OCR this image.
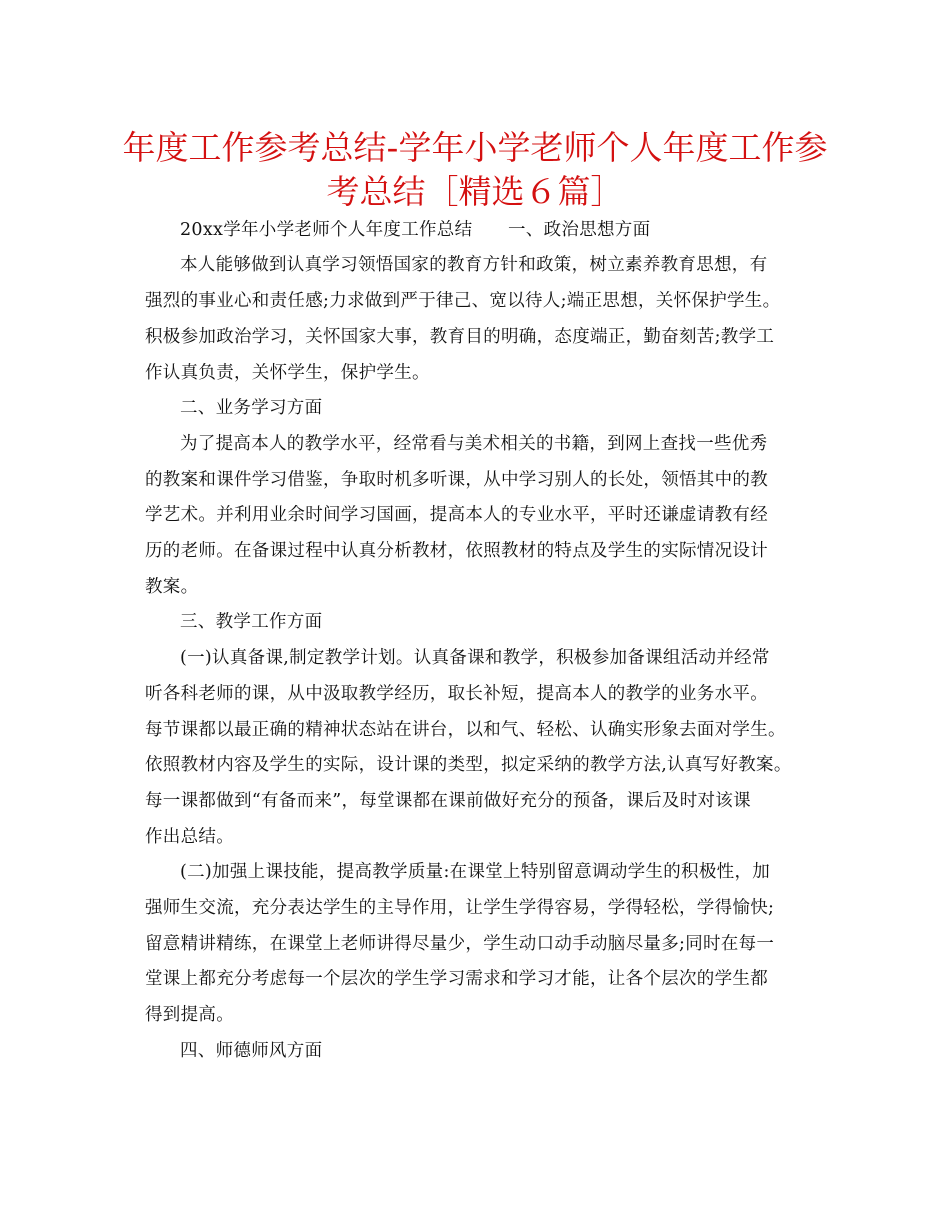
年度工作参考总结-学年小学老师个人年度工作参
考总结［精选６篇］
20xx学年小学老师个人年度工作总结　　一、政治思想方面
本人能够做到认真学习领悟国家的教育方针和政策，树立素养教育思想，有
强烈的事业心和责任感;力求做到严于律己、宽以待人;端正思想，关怀保护学生。
积极参加政治学习，关怀国家大事，教育目的明确，态度端正，勤奋刻苦;教学工
作认真负责，关怀学生，保护学生。
二、业务学习方面
为了提高本人的教学水平，经常看与美术相关的书籍，到网上查找一些优秀
的教案和课件学习借鉴，争取时机多听课，从中学习别人的长处，领悟其中的教
学艺术。并利用业余时间学习国画，提高本人的专业水平，平时还谦虚请教有经
历的老师。在备课过程中认真分析教材，依照教材的特点及学生的实际情况设计
教案。
三、教学工作方面
(一)认真备课,制定教学计划。认真备课和教学，积极参加备课组活动并经常
听各科老师的课，从中汲取教学经历，取长补短，提高本人的教学的业务水平。
每节课都以最正确的精神状态站在讲台，以和气、轻松、认确实形象去面对学生。
依照教材内容及学生的实际，设计课的类型，拟定采纳的教学方法,认真写好教案。
每一课都做到“有备而来”，每堂课都在课前做好充分的预备，课后及时对该课
作出总结。
(二)加强上课技能，提高教学质量:在课堂上特别留意调动学生的积极性，加
强师生交流，充分表达学生的主导作用，让学生学得容易，学得轻松，学得愉快;
留意精讲精练，在课堂上老师讲得尽量少，学生动口动手动脑尽量多;同时在每一
堂课上都充分考虑每一个层次的学生学习需求和学习才能，让各个层次的学生都
得到提高。
四、师德师风方面
